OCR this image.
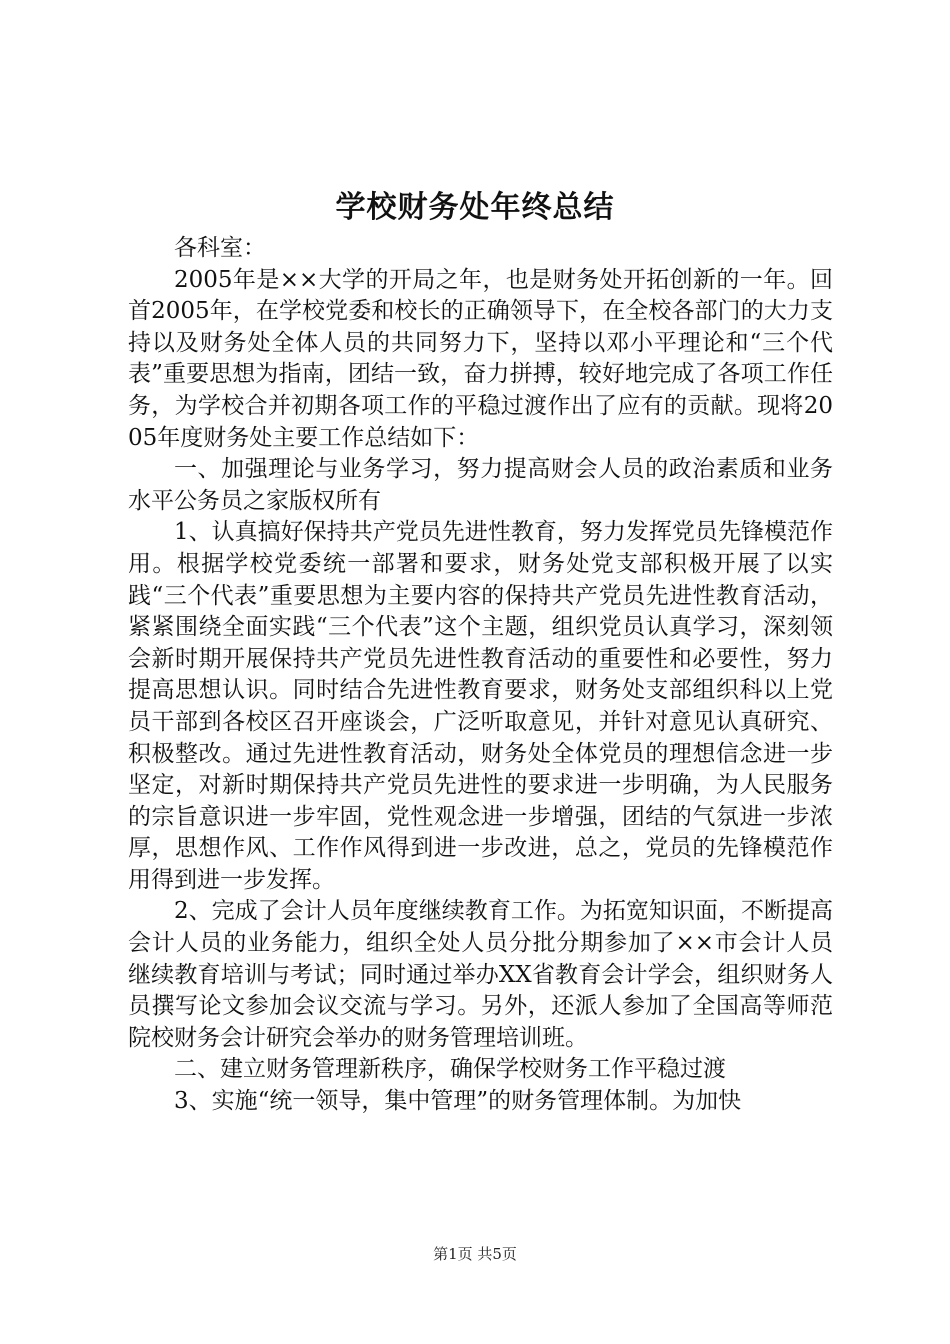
学校财务处年终总结

各科室：

2005年是××大学的开局之年，也是财务处开拓创新的一年。回首2005年，在学校党委和校长的正确领导下，在全校各部门的大力支持以及财务处全体人员的共同努力下，坚持以邓小平理论和“三个代表”重要思想为指南，团结一致，奋力拼搏，较好地完成了各项工作任务，为学校合并初期各项工作的平稳过渡作出了应有的贡献。现将2005年度财务处主要工作总结如下：

一、加强理论与业务学习，努力提高财会人员的政治素质和业务水平公务员之家版权所有

1、认真搞好保持共产党员先进性教育，努力发挥党员先锋模范作用。根据学校党委统一部署和要求，财务处党支部积极开展了以实践“三个代表”重要思想为主要内容的保持共产党员先进性教育活动，紧紧围绕全面实践“三个代表”这个主题，组织党员认真学习，深刻领会新时期开展保持共产党员先进性教育活动的重要性和必要性，努力提高思想认识。同时结合先进性教育要求，财务处支部组织科以上党员干部到各校区召开座谈会，广泛听取意见，并针对意见认真研究、积极整改。通过先进性教育活动，财务处全体党员的理想信念进一步坚定，对新时期保持共产党员先进性的要求进一步明确，为人民服务的宗旨意识进一步牢固，党性观念进一步增强，团结的气氛进一步浓厚，思想作风、工作作风得到进一步改进，总之，党员的先锋模范作用得到进一步发挥。

2、完成了会计人员年度继续教育工作。为拓宽知识面，不断提高会计人员的业务能力，组织全处人员分批分期参加了××市会计人员继续教育培训与考试；同时通过举办XX省教育会计学会，组织财务人员撰写论文参加会议交流与学习。另外，还派人参加了全国高等师范院校财务会计研究会举办的财务管理培训班。

二、建立财务管理新秩序，确保学校财务工作平稳过渡

3、实施“统一领导，集中管理”的财务管理体制。为加快

第1页 共5页
